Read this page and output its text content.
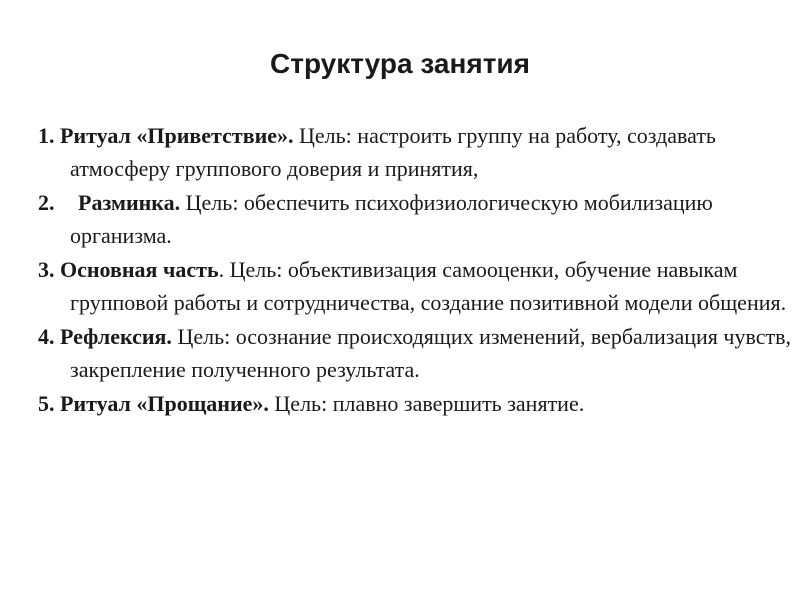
Структура занятия
1. Ритуал «Приветствие». Цель: настроить группу на работу, создавать атмосферу группового доверия и принятия,
2. Разминка. Цель: обеспечить психофизиологическую мобилизацию организма.
3. Основная часть. Цель: объективизация самооценки, обучение навыкам групповой работы и сотрудничества, создание позитивной модели общения.
4. Рефлексия. Цель: осознание происходящих изменений, вербализация чувств, закрепление полученного результата.
5. Ритуал «Прощание». Цель: плавно завершить занятие.
